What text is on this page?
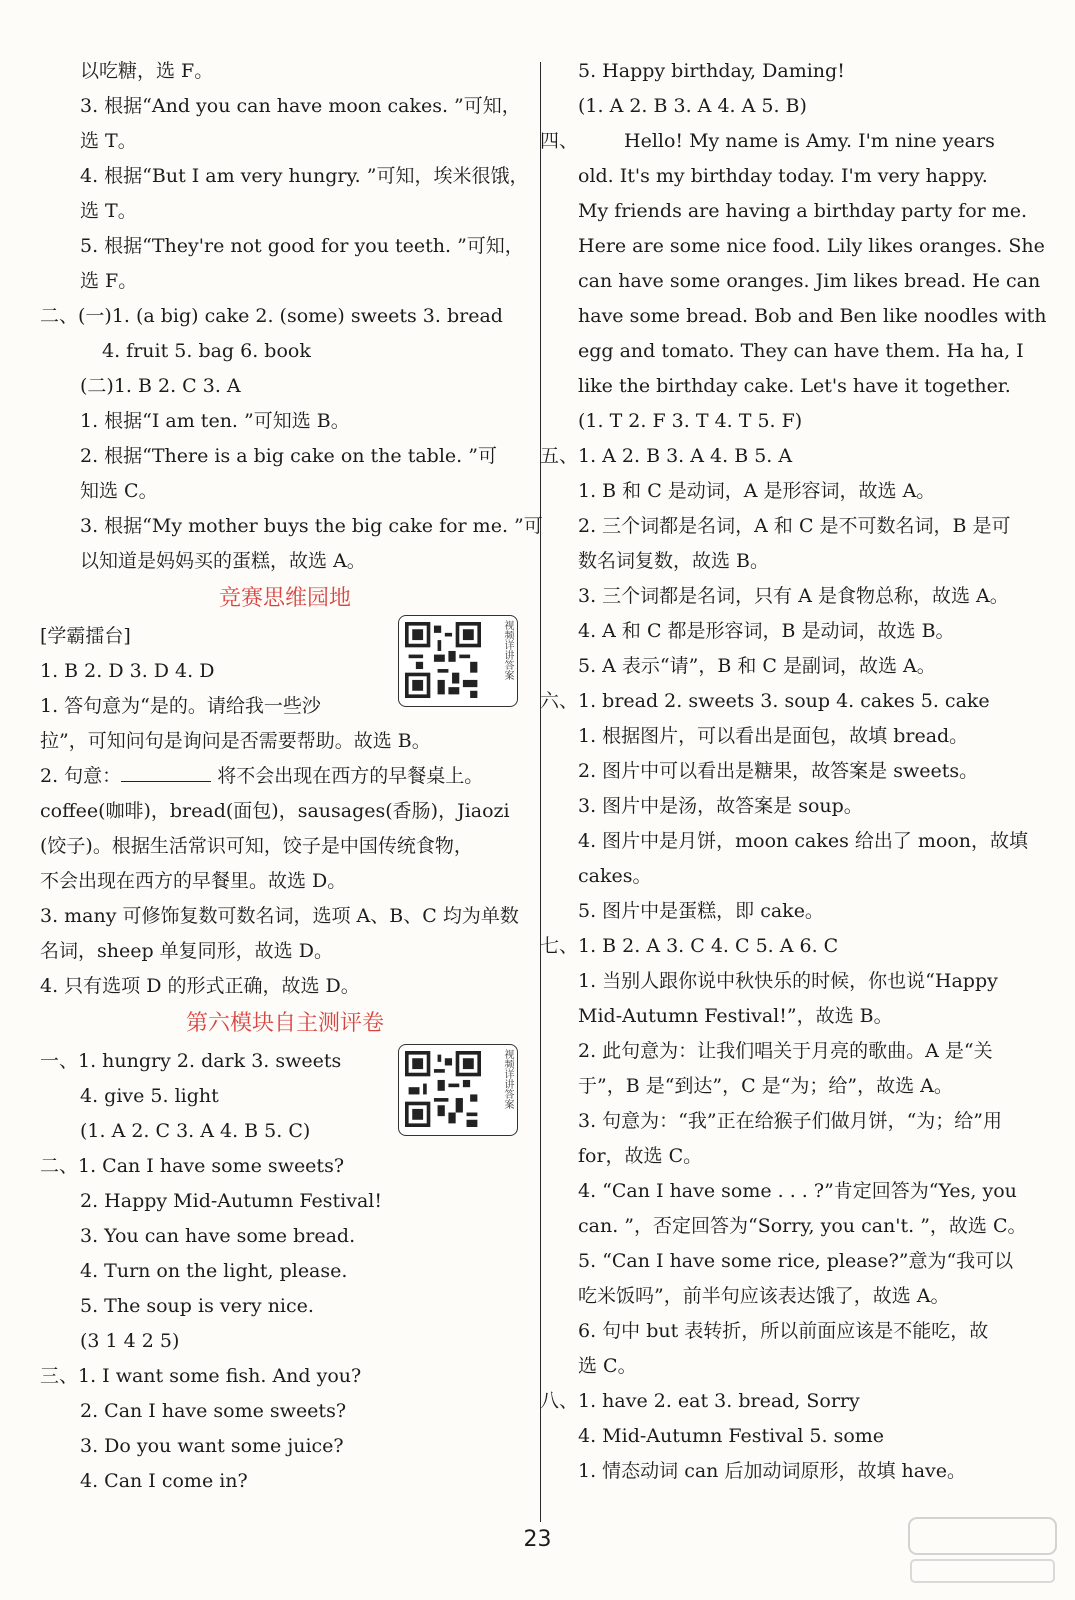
以吃糖，选 F。
3. 根据“And you can have moon cakes. ”可知，
选 T。
4. 根据“But I am very hungry. ”可知，埃米很饿，
选 T。
5. 根据“They're not good for you teeth. ”可知，
选 F。
二、(一)1. (a big) cake 2. (some) sweets 3. bread
4. fruit 5. bag 6. book
(二)1. B 2. C 3. A
1. 根据“I am ten. ”可知选 B。
2. 根据“There is a big cake on the table. ”可
知选 C。
3. 根据“My mother buys the big cake for me. ”可
以知道是妈妈买的蛋糕，故选 A。
竞赛思维园地
[学霸擂台]
1. B 2. D 3. D 4. D
1. 答句意为“是的。请给我一些沙
视频详讲答案
拉”，可知问句是询问是否需要帮助。故选 B。
2. 句意：	将不会出现在西方的早餐桌上。
coffee(咖啡)，bread(面包)，sausages(香肠)，Jiaozi
(饺子)。根据生活常识可知，饺子是中国传统食物，
不会出现在西方的早餐里。故选 D。
3. many 可修饰复数可数名词，选项 A、B、C 均为单数
名词，sheep 单复同形，故选 D。
4. 只有选项 D 的形式正确，故选 D。
第六模块自主测评卷
一、1. hungry 2. dark 3. sweets
4. give 5. light
(1. A 2. C 3. A 4. B 5. C)
视频详讲答案
二、1. Can I have some sweets?
2. Happy Mid-Autumn Festival!
3. You can have some bread.
4. Turn on the light, please.
5. The soup is very nice.
(3 1 4 2 5)
三、1. I want some fish. And you?
2. Can I have some sweets?
3. Do you want some juice?
4. Can I come in?
5. Happy birthday, Daming!
(1. A 2. B 3. A 4. A 5. B)
四、	Hello! My name is Amy. I'm nine years
old. It's my birthday today. I'm very happy.
My friends are having a birthday party for me.
Here are some nice food. Lily likes oranges. She
can have some oranges. Jim likes bread. He can
have some bread. Bob and Ben like noodles with
egg and tomato. They can have them. Ha ha, I
like the birthday cake. Let's have it together.
(1. T 2. F 3. T 4. T 5. F)
五、1. A 2. B 3. A 4. B 5. A
1. B 和 C 是动词，A 是形容词，故选 A。
2. 三个词都是名词，A 和 C 是不可数名词，B 是可
数名词复数，故选 B。
3. 三个词都是名词，只有 A 是食物总称，故选 A。
4. A 和 C 都是形容词，B 是动词，故选 B。
5. A 表示“请”，B 和 C 是副词，故选 A。
六、1. bread 2. sweets 3. soup 4. cakes 5. cake
1. 根据图片，可以看出是面包，故填 bread。
2. 图片中可以看出是糖果，故答案是 sweets。
3. 图片中是汤，故答案是 soup。
4. 图片中是月饼，moon cakes 给出了 moon，故填
cakes。
5. 图片中是蛋糕，即 cake。
七、1. B 2. A 3. C 4. C 5. A 6. C
1. 当别人跟你说中秋快乐的时候，你也说“Happy
Mid-Autumn Festival!”，故选 B。
2. 此句意为：让我们唱关于月亮的歌曲。A 是“关
于”，B 是“到达”，C 是“为；给”，故选 A。
3. 句意为：“我”正在给猴子们做月饼，“为；给”用
for，故选 C。
4. “Can I have some . . . ?”肯定回答为“Yes, you
can. ”，否定回答为“Sorry, you can't. ”，故选 C。
5. “Can I have some rice, please?”意为“我可以
吃米饭吗”，前半句应该表达饿了，故选 A。
6. 句中 but 表转折，所以前面应该是不能吃，故
选 C。
八、1. have 2. eat 3. bread, Sorry
4. Mid-Autumn Festival 5. some
1. 情态动词 can 后加动词原形，故填 have。
23
